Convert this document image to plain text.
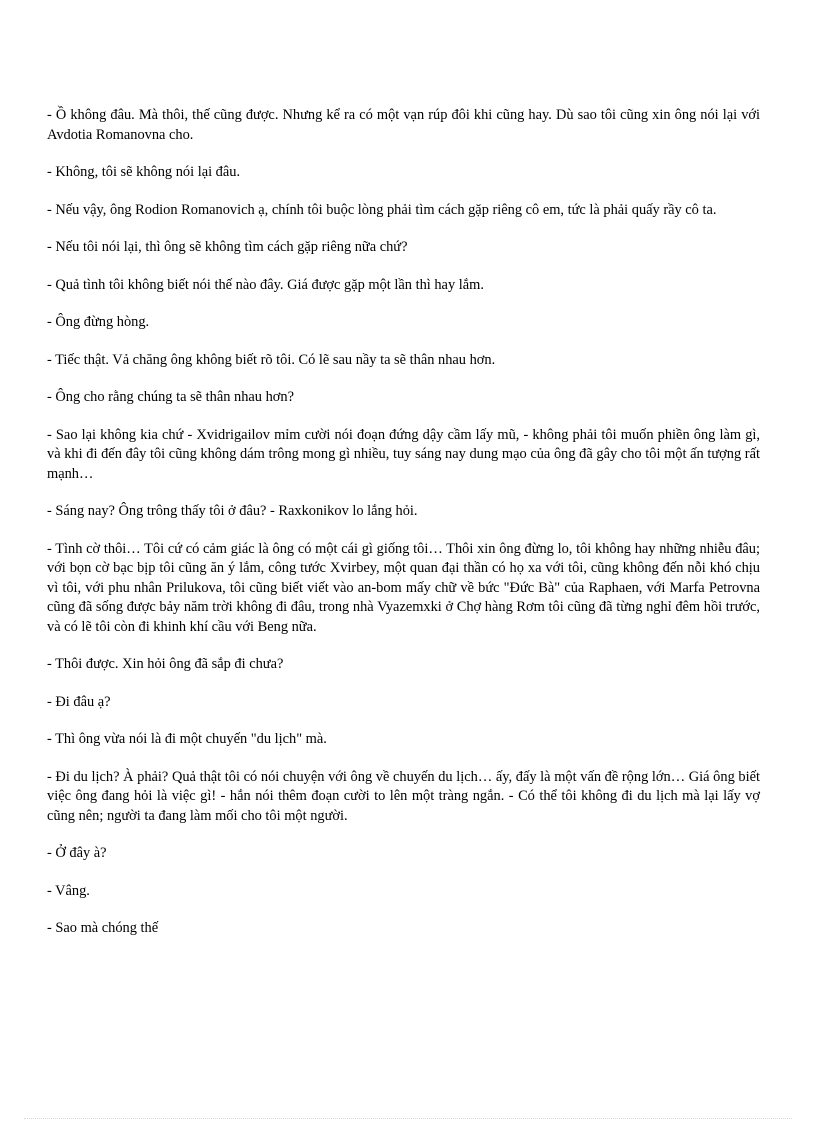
- Ồ không đâu. Mà thôi, thế cũng được. Nhưng kể ra có một vạn rúp đôi khi cũng hay. Dù sao tôi cũng xin ông nói lại với Avdotia Romanovna cho.

- Không, tôi sẽ không nói lại đâu.

- Nếu vậy, ông Rodion Romanovich ạ, chính tôi buộc lòng phải tìm cách gặp riêng cô em, tức là phải quấy rầy cô ta.

- Nếu tôi nói lại, thì ông sẽ không tìm cách gặp riêng nữa chứ?

- Quả tình tôi không biết nói thế nào đây. Giá được gặp một lần thì hay lắm.

- Ông đừng hòng.

- Tiếc thật. Vả chăng ông không biết rõ tôi. Có lẽ sau nầy ta sẽ thân nhau hơn.

- Ông cho rằng chúng ta sẽ thân nhau hơn?

- Sao lại không kia chứ - Xvidrigailov mỉm cười nói đoạn đứng dậy cầm lấy mũ, - không phải tôi muốn phiền ông làm gì, và khi đi đến đây tôi cũng không dám trông mong gì nhiều, tuy sáng nay dung mạo của ông đã gây cho tôi một ấn tượng rất mạnh…

- Sáng nay? Ông trông thấy tôi ở đâu? - Raxkonikov lo lắng hỏi.

- Tình cờ thôi… Tôi cứ có cảm giác là ông có một cái gì giống tôi… Thôi xin ông đừng lo, tôi không hay những nhiễu đâu; với bọn cờ bạc bịp tôi cũng ăn ý lắm, công tước Xvirbey, một quan đại thần có họ xa với tôi, cũng không đến nỗi khó chịu vì tôi, với phu nhân Prilukova, tôi cũng biết viết vào an-bom mấy chữ về bức "Đức Bà" của Raphaen, với Marfa Petrovna cũng đã sống được bảy năm trời không đi đâu, trong nhà Vyazemxki ở Chợ hàng Rơm tôi cũng đã từng nghỉ đêm hồi trước, và có lẽ tôi còn đi khinh khí cầu với Beng nữa.

- Thôi được. Xin hỏi ông đã sắp đi chưa?

- Đi đâu ạ?

- Thì ông vừa nói là đi một chuyến "du lịch" mà.

- Đi du lịch? À phải? Quả thật tôi có nói chuyện với ông về chuyến du lịch… ấy, đấy là một vấn đề rộng lớn… Giá ông biết việc ông đang hỏi là việc gì! - hắn nói thêm đoạn cười to lên một tràng ngắn. - Có thể tôi không đi du lịch mà lại lấy vợ cũng nên; người ta đang làm mối cho tôi một người.

- Ở đây à?

- Vâng.

- Sao mà chóng thế
